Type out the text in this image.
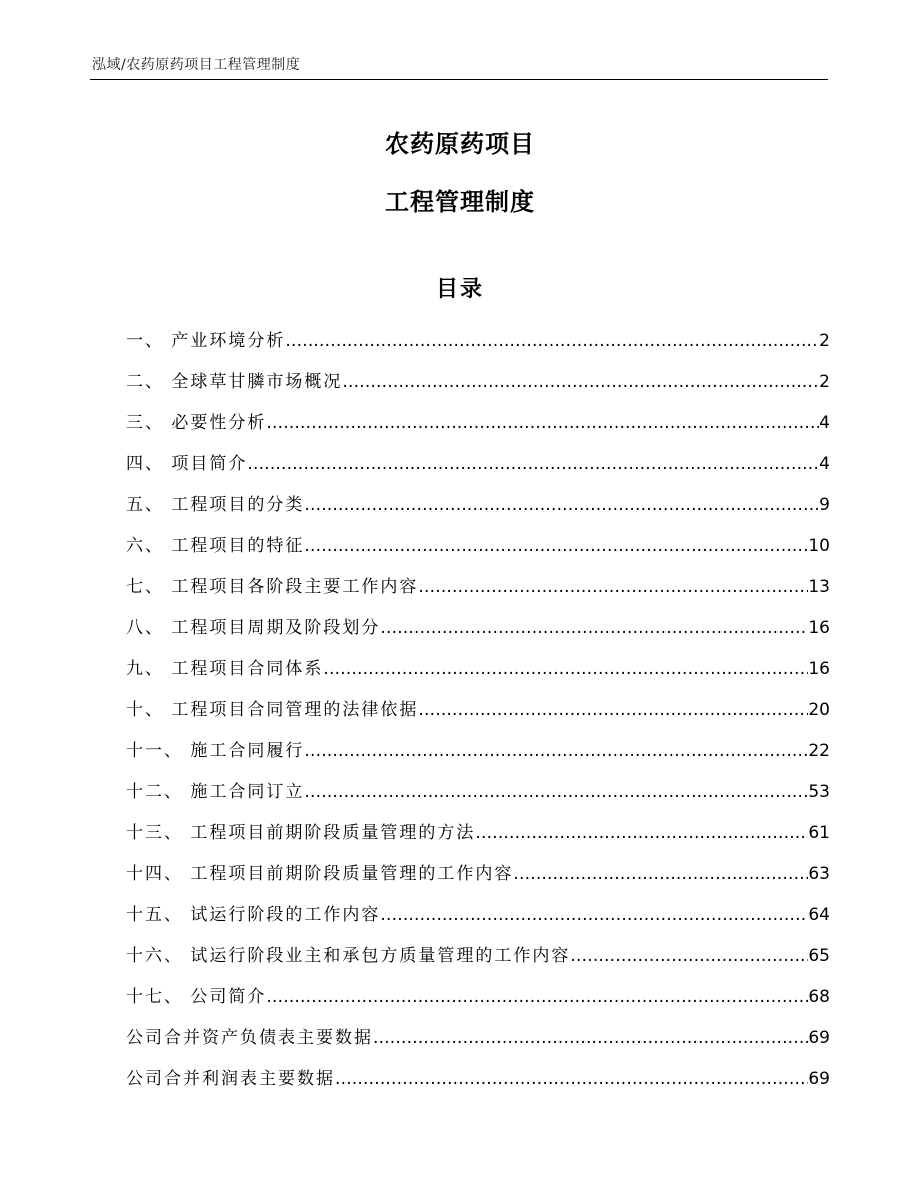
泓域/农药原药项目工程管理制度
农药原药项目
工程管理制度
目录
一、 产业环境分析 .....	2
二、 全球草甘膦市场概况 .....	2
三、 必要性分析 .....	4
四、 项目简介 .....	4
五、 工程项目的分类 .....	9
六、 工程项目的特征 .....	10
七、 工程项目各阶段主要工作内容 .....	13
八、 工程项目周期及阶段划分 .....	16
九、 工程项目合同体系 .....	16
十、 工程项目合同管理的法律依据 .....	20
十一、 施工合同履行 .....	22
十二、 施工合同订立 .....	53
十三、 工程项目前期阶段质量管理的方法 .....	61
十四、 工程项目前期阶段质量管理的工作内容 .....	63
十五、 试运行阶段的工作内容 .....	64
十六、 试运行阶段业主和承包方质量管理的工作内容 .....	65
十七、 公司简介 .....	68
公司合并资产负债表主要数据 .....	69
公司合并利润表主要数据 .....	69
